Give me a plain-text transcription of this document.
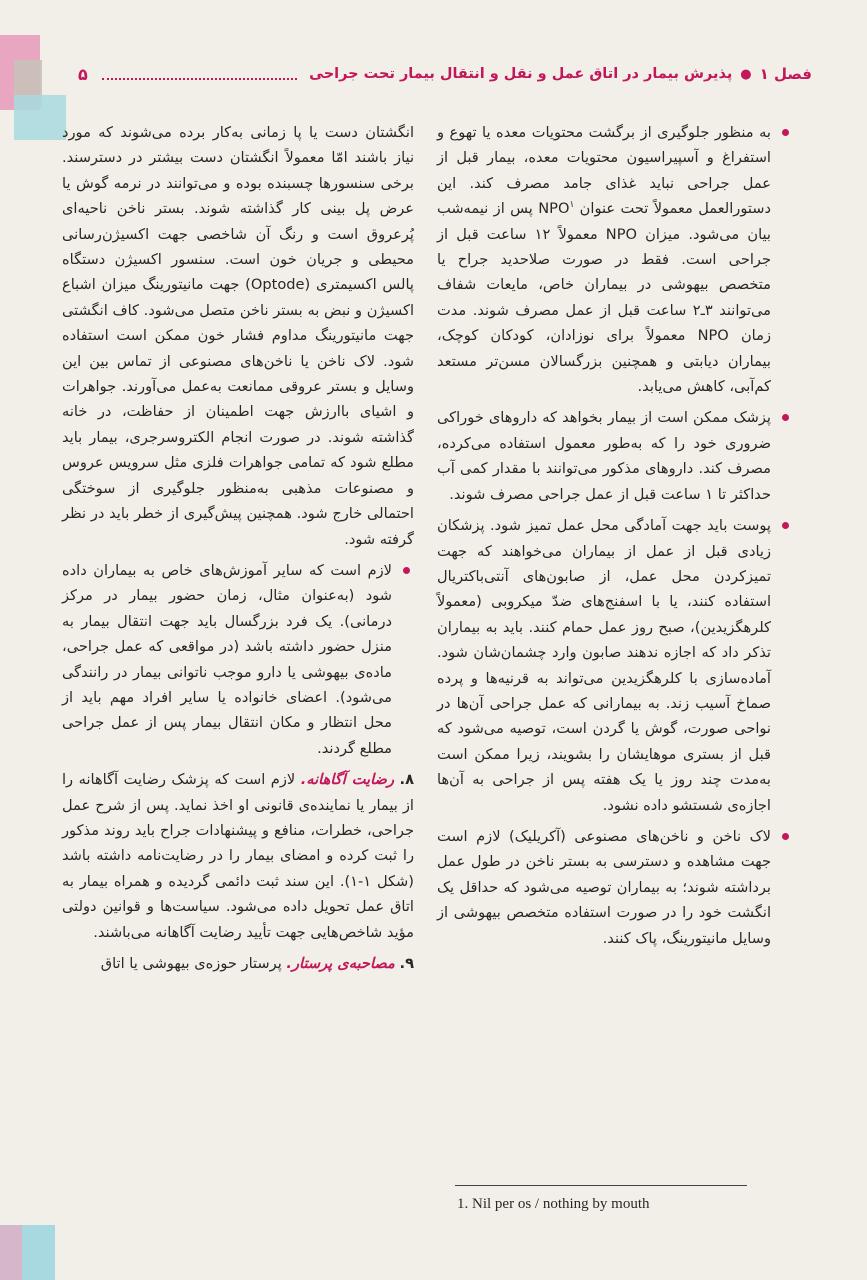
فصل ۱
●
پذیرش بیمار در اتاق عمل و نقل و انتقال بیمار تحت جراحی
۵

به منظور جلوگیری از برگشت محتویات معده یا تهوع و استفراغ و آسپیراسیون محتویات معده، بیمار قبل از عمل جراحی نباید غذای جامد مصرف کند. این دستورالعمل معمولاً تحت عنوان NPO$^۱$ پس از نیمه‌شب بیان می‌شود. میزان NPO معمولاً ۱۲ ساعت قبل از جراحی است. فقط در صورت صلاحدید جراح یا متخصص بیهوشی در بیماران خاص، مایعات شفاف می‌توانند ۳ـ۲ ساعت قبل از عمل مصرف شوند. مدت زمان NPO معمولاً برای نوزادان، کودکان کوچک، بیماران دیابتی و همچنین بزرگسالان مسن‌تر مستعد کم‌آبی، کاهش می‌یابد.

پزشک ممکن است از بیمار بخواهد که داروهای خوراکی ضروری خود را که به‌طور معمول استفاده می‌کرده، مصرف کند. داروهای مذکور می‌توانند با مقدار کمی آب حداکثر تا ۱ ساعت قبل از عمل جراحی مصرف شوند.

پوست باید جهت آمادگی محل عمل تمیز شود. پزشکان زیادی قبل از عمل از بیماران می‌خواهند که جهت تمیزکردن محل عمل، از صابون‌های آنتی‌باکتریال استفاده کنند، یا با اسفنج‌های ضدّ میکروبی (معمولاً کلرهگزیدین)، صبح روز عمل حمام کنند. باید به بیماران تذکر داد که اجازه ندهند صابون وارد چشمان‌شان شود. آماده‌سازی با کلرهگزیدین می‌تواند به قرنیه‌ها و پرده صماخ آسیب زند. به بیمارانی که عمل جراحی آن‌ها در نواحی صورت، گوش یا گردن است، توصیه می‌شود که قبل از بستری موهایشان را بشویند، زیرا ممکن است به‌مدت چند روز یا یک هفته پس از جراحی به آن‌ها اجازه‌ی شستشو داده نشود.

لاک ناخن و ناخن‌های مصنوعی (آکریلیک) لازم است جهت مشاهده و دسترسی به بستر ناخن در طول عمل برداشته شوند؛ به بیماران توصیه می‌شود که حداقل یک انگشت خود را در صورت استفاده متخصص بیهوشی از وسایل مانیتورینگ، پاک کنند.

انگشتان دست یا پا زمانی به‌کار برده می‌شوند که مورد نیاز باشند امّا معمولاً انگشتان دست بیشتر در دسترسند. برخی سنسورها چسبنده بوده و می‌توانند در نرمه گوش یا عرض پل بینی کار گذاشته شوند. بستر ناخن ناحیه‌ای پُرعروق است و رنگ آن شاخصی جهت اکسیژن‌رسانی محیطی و جریان خون است. سنسور اکسیژن دستگاه پالس اکسیمتری (Optode) جهت مانیتورینگ میزان اشباع اکسیژن و نبض به بستر ناخن متصل می‌شود. کاف انگشتی جهت مانیتورینگ مداوم فشار خون ممکن است استفاده شود. لاک ناخن یا ناخن‌های مصنوعی از تماس بین این وسایل و بستر عروقی ممانعت به‌عمل می‌آورند. جواهرات و اشیای باارزش جهت اطمینان از حفاظت، در خانه گذاشته شوند. در صورت انجام الکتروسرجری، بیمار باید مطلع شود که تمامی جواهرات فلزی مثل سرویس عروس و مصنوعات مذهبی به‌منظور جلوگیری از سوختگی احتمالی خارج شود. همچنین پیش‌گیری از خطر باید در نظر گرفته شود.

لازم است که سایر آموزش‌های خاص به بیماران داده شود (به‌عنوان مثال، زمان حضور بیمار در مرکز درمانی). یک فرد بزرگسال باید جهت انتقال بیمار به منزل حضور داشته باشد (در مواقعی که عمل جراحی، ماده‌ی بیهوشی یا دارو موجب ناتوانی بیمار در رانندگی می‌شود). اعضای خانواده یا سایر افراد مهم باید از محل انتظار و مکان انتقال بیمار پس از عمل جراحی مطلع گردند.

۸. رضایت آگاهانه. لازم است که پزشک رضایت آگاهانه را از بیمار یا نماینده‌ی قانونی او اخذ نماید. پس از شرح عمل جراحی، خطرات، منافع و پیشنهادات جراح باید روند مذکور را ثبت کرده و امضای بیمار را در رضایت‌نامه داشته باشد (شکل ۱-۱). این سند ثبت دائمی گردیده و همراه بیمار به اتاق عمل تحویل داده می‌شود. سیاست‌ها و قوانین دولتی مؤید شاخص‌هایی جهت تأیید رضایت آگاهانه می‌باشند.

۹. مصاحبه‌ی پرستار. پرستار حوزه‌ی بیهوشی یا اتاق

1. Nil per os / nothing by mouth
